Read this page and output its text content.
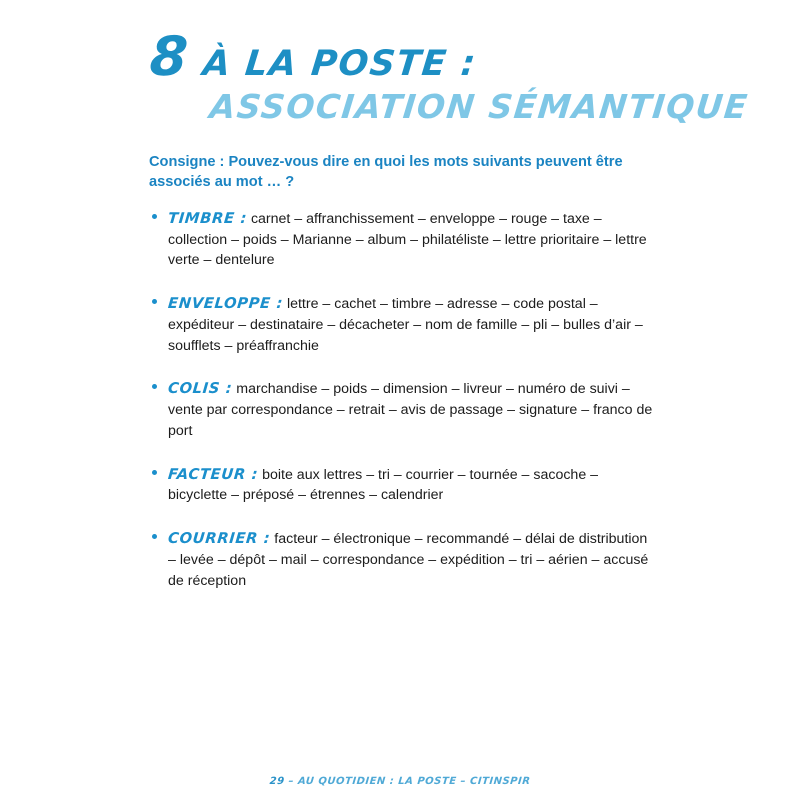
8 À LA POSTE :
ASSOCIATION SÉMANTIQUE
Consigne : Pouvez-vous dire en quoi les mots suivants peuvent être associés au mot … ?
TIMBRE : carnet – affranchissement – enveloppe – rouge – taxe – collection – poids – Marianne – album – philatéliste – lettre prioritaire – lettre verte – dentelure
ENVELOPPE : lettre – cachet – timbre – adresse – code postal – expéditeur – destinataire – décacheter – nom de famille – pli – bulles d’air – soufflets – préaffranchie
COLIS : marchandise – poids – dimension – livreur – numéro de suivi – vente par correspondance – retrait – avis de passage – signature – franco de port
FACTEUR : boite aux lettres – tri – courrier – tournée – sacoche – bicyclette – préposé – étrennes – calendrier
COURRIER : facteur – électronique – recommandé – délai de distribution – levée – dépôt – mail – correspondance – expédition – tri – aérien – accusé de réception
29 – AU QUOTIDIEN : LA POSTE – CITINSPIR
